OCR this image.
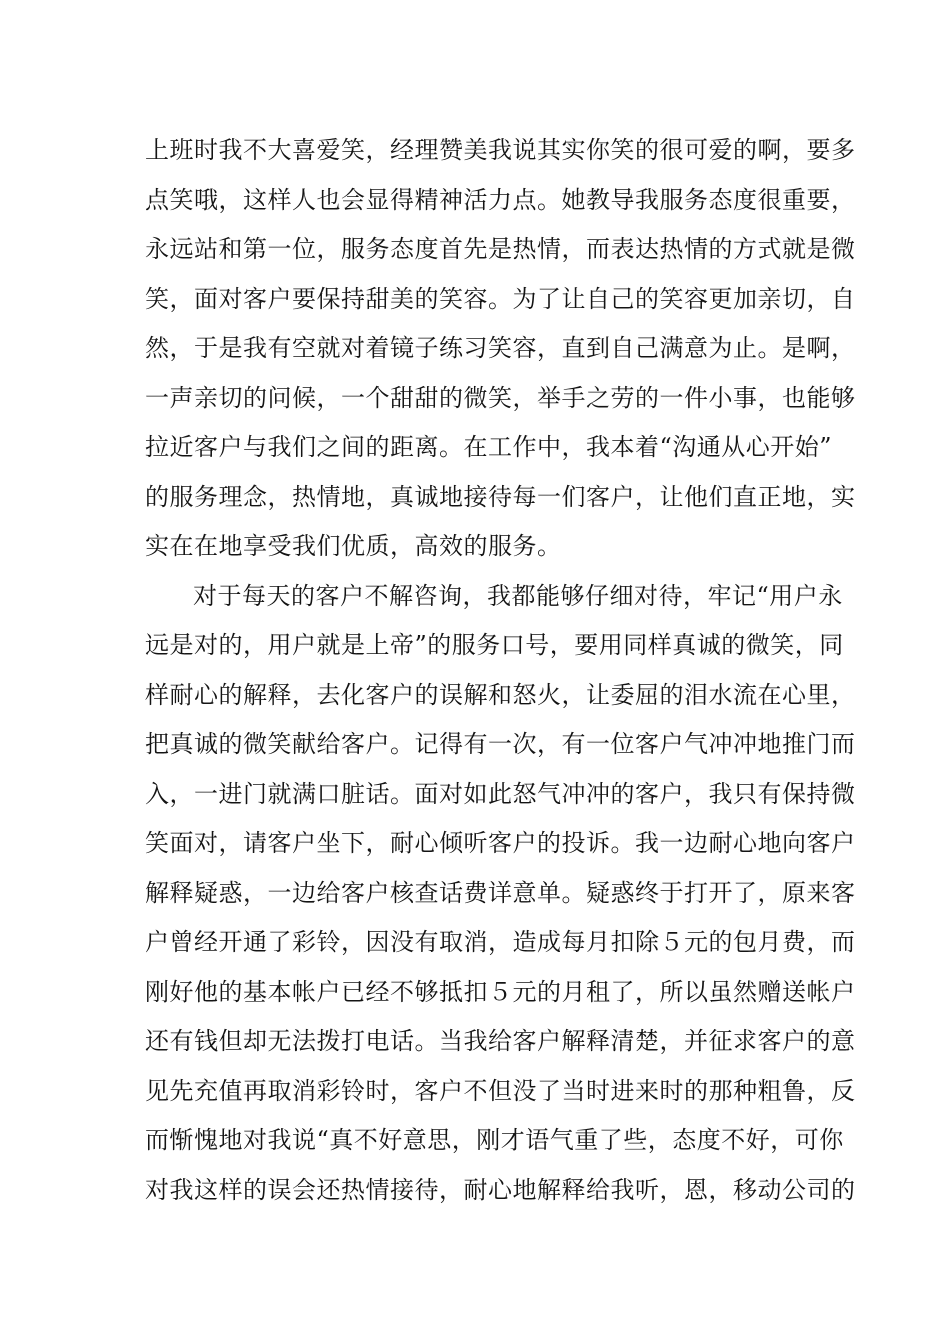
上班时我不大喜爱笑，经理赞美我说其实你笑的很可爱的啊，要多
点笑哦，这样人也会显得精神活力点。她教导我服务态度很重要，
永远站和第一位，服务态度首先是热情，而表达热情的方式就是微
笑，面对客户要保持甜美的笑容。为了让自己的笑容更加亲切，自
然，于是我有空就对着镜子练习笑容，直到自己满意为止。是啊，
一声亲切的问候，一个甜甜的微笑，举手之劳的一件小事，也能够
拉近客户与我们之间的距离。在工作中，我本着“沟通从心开始”
的服务理念，热情地，真诚地接待每一们客户，让他们直正地，实
实在在地享受我们优质，高效的服务。
对于每天的客户不解咨询，我都能够仔细对待，牢记“用户永
远是对的，用户就是上帝”的服务口号，要用同样真诚的微笑，同
样耐心的解释，去化客户的误解和怒火，让委屈的泪水流在心里，
把真诚的微笑献给客户。记得有一次，有一位客户气冲冲地推门而
入，一进门就满口脏话。面对如此怒气冲冲的客户，我只有保持微
笑面对，请客户坐下，耐心倾听客户的投诉。我一边耐心地向客户
解释疑惑，一边给客户核查话费详意单。疑惑终于打开了，原来客
户曾经开通了彩铃，因没有取消，造成每月扣除５元的包月费，而
刚好他的基本帐户已经不够抵扣５元的月租了，所以虽然赠送帐户
还有钱但却无法拨打电话。当我给客户解释清楚，并征求客户的意
见先充值再取消彩铃时，客户不但没了当时进来时的那种粗鲁，反
而惭愧地对我说“真不好意思，刚才语气重了些，态度不好，可你
对我这样的误会还热情接待，耐心地解释给我听，恩，移动公司的
